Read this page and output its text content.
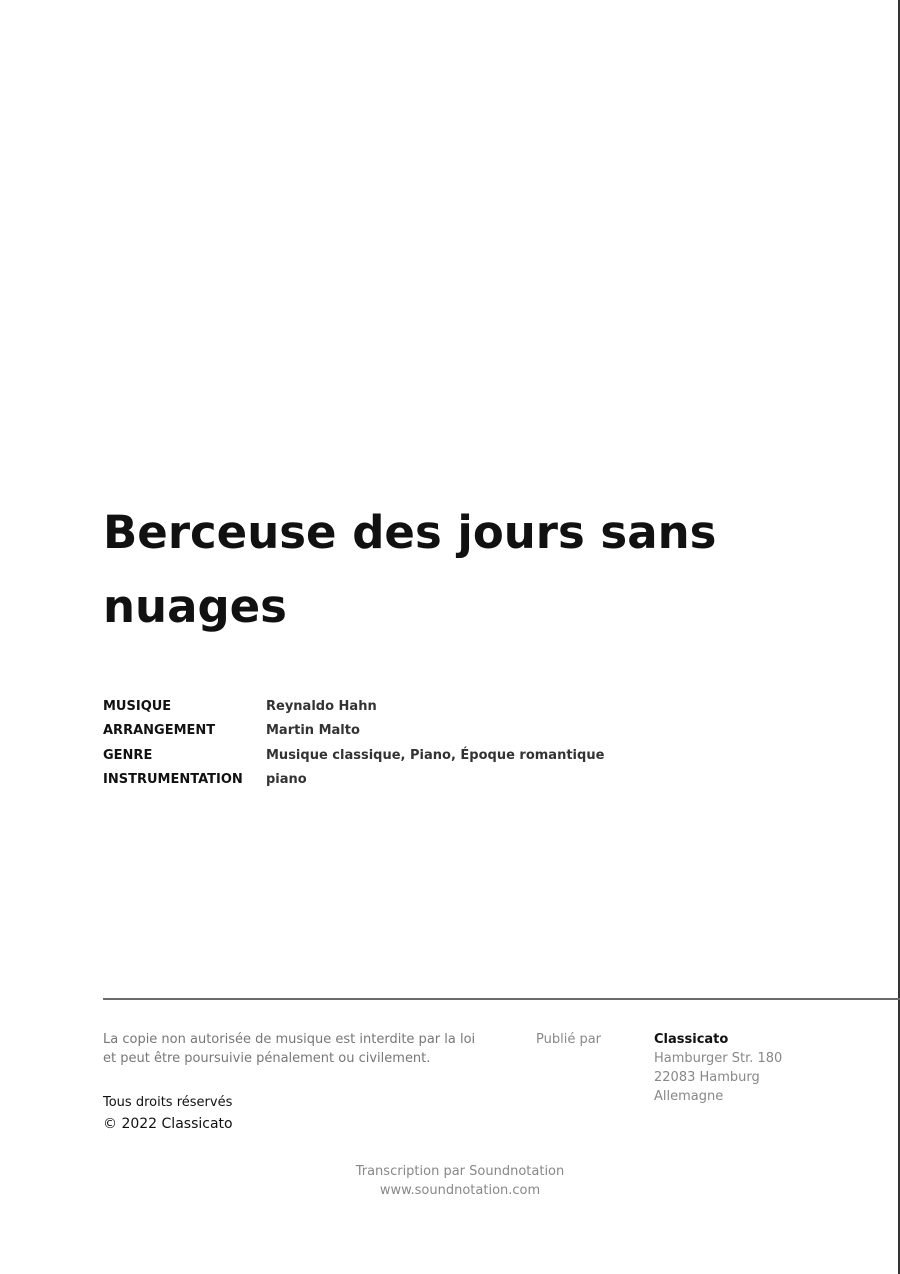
Berceuse des jours sans nuages
MUSIQUE	Reynaldo Hahn
ARRANGEMENT	Martin Malto
GENRE	Musique classique, Piano, Époque romantique
INSTRUMENTATION	piano
La copie non autorisée de musique est interdite par la loi
et peut être poursuivie pénalement ou civilement.
Tous droits réservés
© 2022 Classicato
Publié par	Classicato
Hamburger Str. 180
22083 Hamburg
Allemagne
Transcription par Soundnotation
www.soundnotation.com
